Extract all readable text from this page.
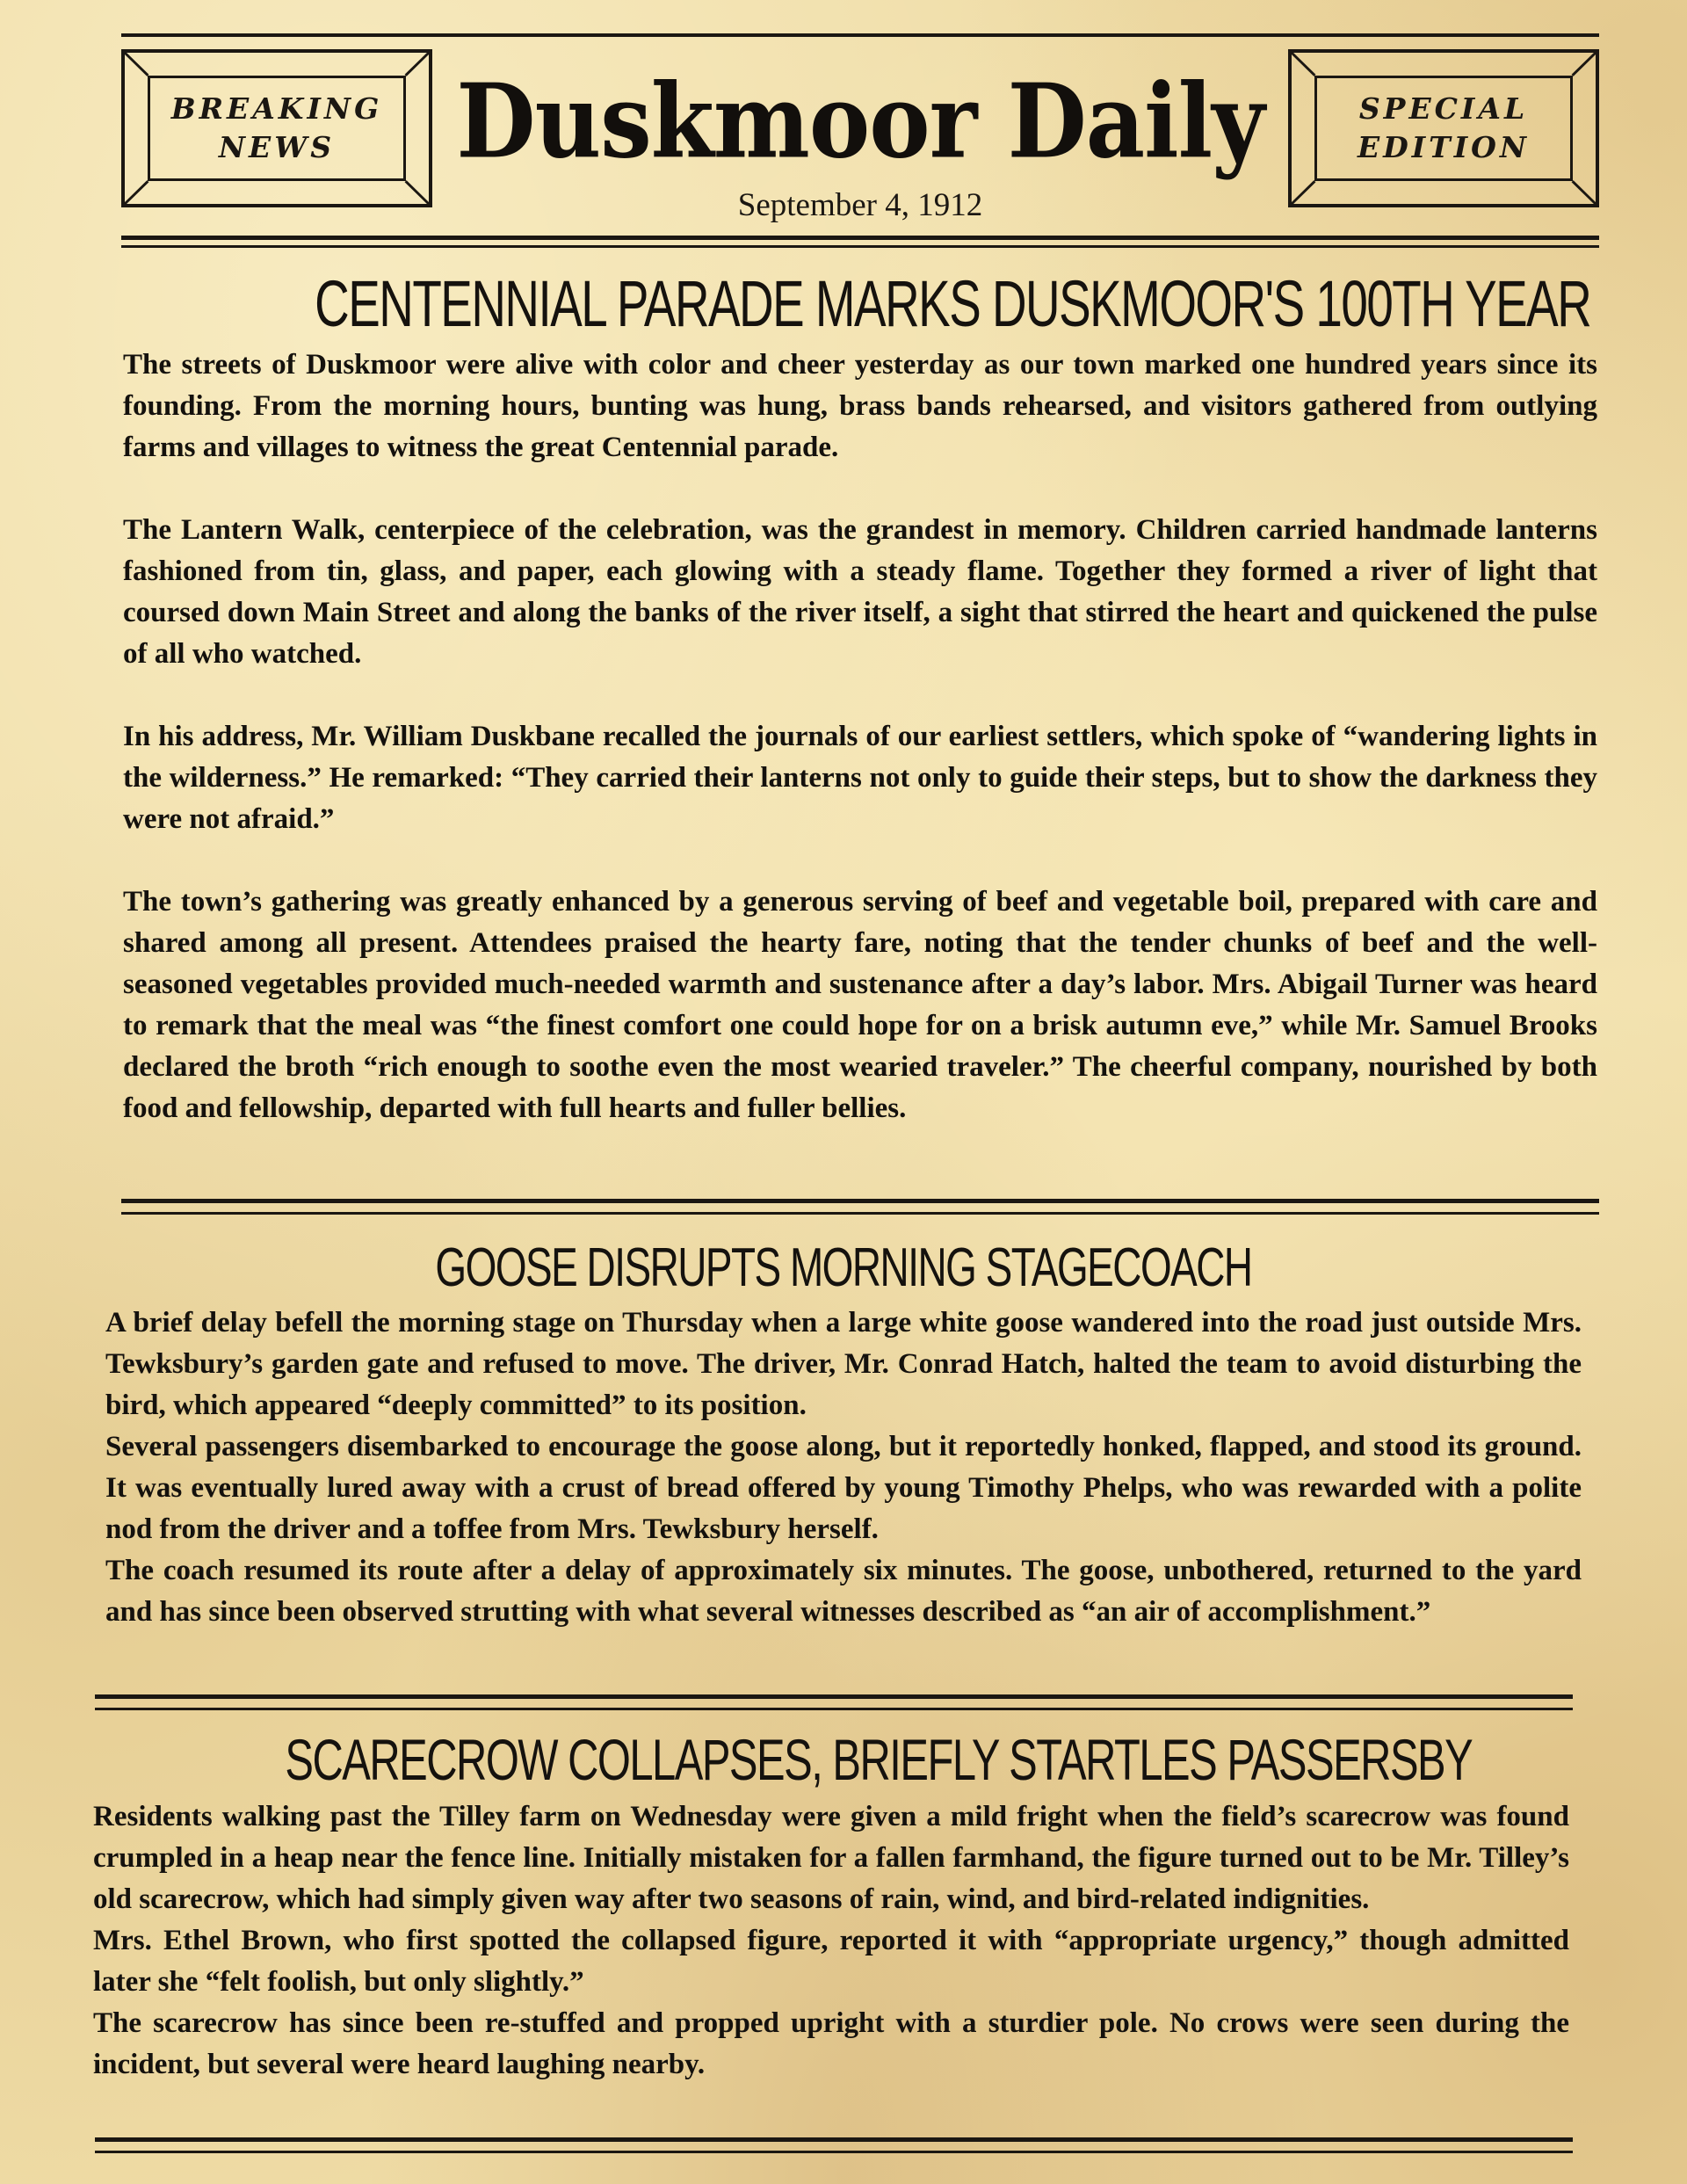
BREAKING
NEWS	Duskmoor Daily
September 4, 1912
SPECIAL
EDITION
CENTENNIAL PARADE MARKS DUSKMOOR'S 100TH YEAR

The streets of Duskmoor were alive with color and cheer yesterday as our town marked one hundred years since its founding. From the morning hours, bunting was hung, brass bands rehearsed, and visitors gathered from outlying farms and villages to witness the great Centennial parade.

The Lantern Walk, centerpiece of the celebration, was the grandest in memory. Children carried handmade lanterns fashioned from tin, glass, and paper, each glowing with a steady flame. Together they formed a river of light that coursed down Main Street and along the banks of the river itself, a sight that stirred the heart and quickened the pulse of all who watched.

In his address, Mr. William Duskbane recalled the journals of our earliest settlers, which spoke of “wandering lights in the wilderness.” He remarked: “They carried their lanterns not only to guide their steps, but to show the darkness they were not afraid.”

The town’s gathering was greatly enhanced by a generous serving of beef and vegetable boil, prepared with care and shared among all present. Attendees praised the hearty fare, noting that the tender chunks of beef and the well-seasoned vegetables provided much-needed warmth and sustenance after a day’s labor. Mrs. Abigail Turner was heard to remark that the meal was “the finest comfort one could hope for on a brisk autumn eve,” while Mr. Samuel Brooks declared the broth “rich enough to soothe even the most wearied traveler.” The cheerful company, nourished by both food and fellowship, departed with full hearts and fuller bellies.

GOOSE DISRUPTS MORNING STAGECOACH

A brief delay befell the morning stage on Thursday when a large white goose wandered into the road just outside Mrs. Tewksbury’s garden gate and refused to move. The driver, Mr. Conrad Hatch, halted the team to avoid disturbing the bird, which appeared “deeply committed” to its position.

Several passengers disembarked to encourage the goose along, but it reportedly honked, flapped, and stood its ground. It was eventually lured away with a crust of bread offered by young Timothy Phelps, who was rewarded with a polite nod from the driver and a toffee from Mrs. Tewksbury herself.

The coach resumed its route after a delay of approximately six minutes. The goose, unbothered, returned to the yard and has since been observed strutting with what several witnesses described as “an air of accomplishment.”

SCARECROW COLLAPSES, BRIEFLY STARTLES PASSERSBY

Residents walking past the Tilley farm on Wednesday were given a mild fright when the field’s scarecrow was found crumpled in a heap near the fence line. Initially mistaken for a fallen farmhand, the figure turned out to be Mr. Tilley’s old scarecrow, which had simply given way after two seasons of rain, wind, and bird-related indignities.

Mrs. Ethel Brown, who first spotted the collapsed figure, reported it with “appropriate urgency,” though admitted later she “felt foolish, but only slightly.”

The scarecrow has since been re-stuffed and propped upright with a sturdier pole. No crows were seen during the incident, but several were heard laughing nearby.
